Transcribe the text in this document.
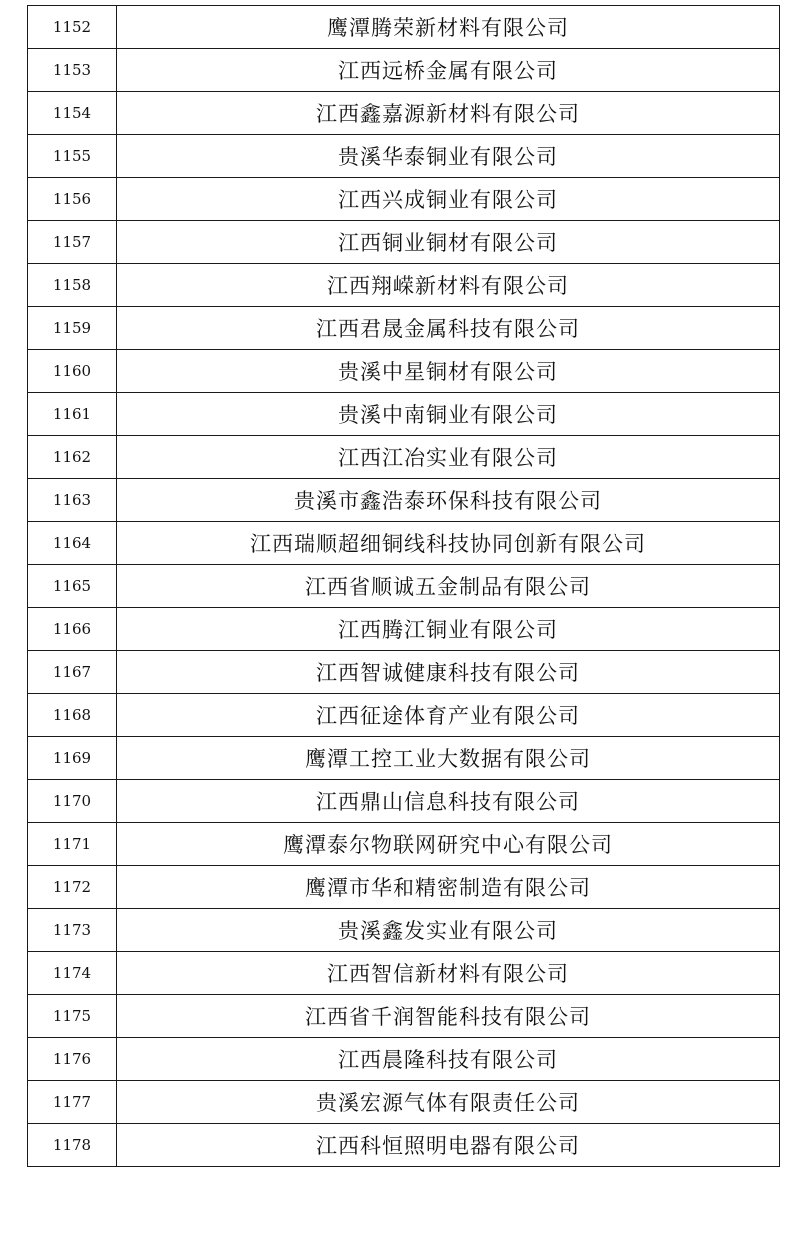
1152	鹰潭腾荣新材料有限公司
1153	江西远桥金属有限公司
1154	江西鑫嘉源新材料有限公司
1155	贵溪华泰铜业有限公司
1156	江西兴成铜业有限公司
1157	江西铜业铜材有限公司
1158	江西翔嵘新材料有限公司
1159	江西君晟金属科技有限公司
1160	贵溪中星铜材有限公司
1161	贵溪中南铜业有限公司
1162	江西江冶实业有限公司
1163	贵溪市鑫浩泰环保科技有限公司
1164	江西瑞顺超细铜线科技协同创新有限公司
1165	江西省顺诚五金制品有限公司
1166	江西腾江铜业有限公司
1167	江西智诚健康科技有限公司
1168	江西征途体育产业有限公司
1169	鹰潭工控工业大数据有限公司
1170	江西鼎山信息科技有限公司
1171	鹰潭泰尔物联网研究中心有限公司
1172	鹰潭市华和精密制造有限公司
1173	贵溪鑫发实业有限公司
1174	江西智信新材料有限公司
1175	江西省千润智能科技有限公司
1176	江西晨隆科技有限公司
1177	贵溪宏源气体有限责任公司
1178	江西科恒照明电器有限公司
